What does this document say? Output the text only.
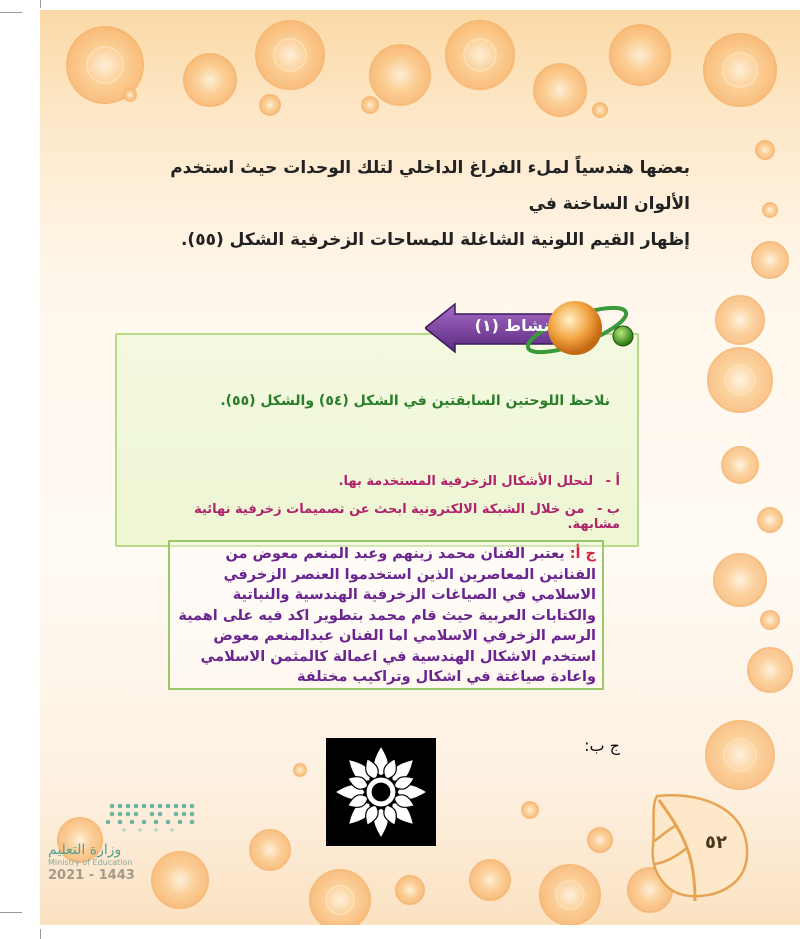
بعضها هندسياً لملء الفراغ الداخلي لتلك الوحدات حيث استخدم الألوان الساخنة في
إظهار القيم اللونية الشاغلة للمساحات الزخرفية الشكل (٥٥).
نشاط (١)
نلاحظ اللوحتين السابقتين في الشكل (٥٤) والشكل (٥٥).
أ - لنحلل الأشكال الزخرفية المستخدمة بها.
ب - من خلال الشبكة الالكترونية ابحث عن تصميمات زخرفية نهائية مشابهة.
ج أ: يعتبر الفنان محمد زينهم وعبد المنعم معوض من الفنانين المعاصرين الذين استخدموا العنصر الزخرفي الاسلامي في الصياغات الزخرفية الهندسية والنباتية والكتابات العربية حيث قام محمد بتطوير اكد فيه على اهمية الرسم الزخرفي الاسلامي اما الفنان عبدالمنعم معوض استخدم الاشكال الهندسية في اعمالة كالمثمن الاسلامي واعادة صياغتة في اشكال وتراكيب مختلفة
ج ب:
٥٢
وزارة التعليم
Ministry of Education
2021 - 1443
